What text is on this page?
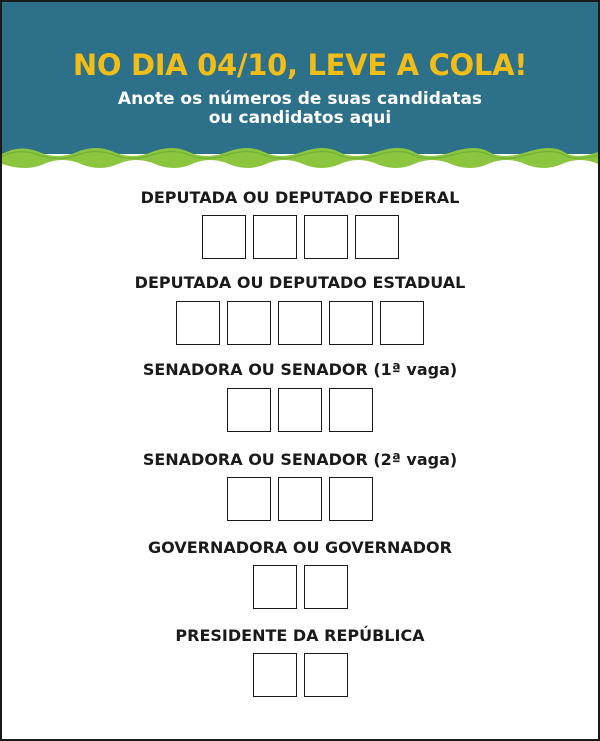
NO DIA 04/10, LEVE A COLA!
Anote os números de suas candidatas
ou candidatos aqui
DEPUTADA OU DEPUTADO FEDERAL
DEPUTADA OU DEPUTADO ESTADUAL
SENADORA OU SENADOR (1ª vaga)
SENADORA OU SENADOR (2ª vaga)
GOVERNADORA OU GOVERNADOR
PRESIDENTE DA REPÚBLICA
